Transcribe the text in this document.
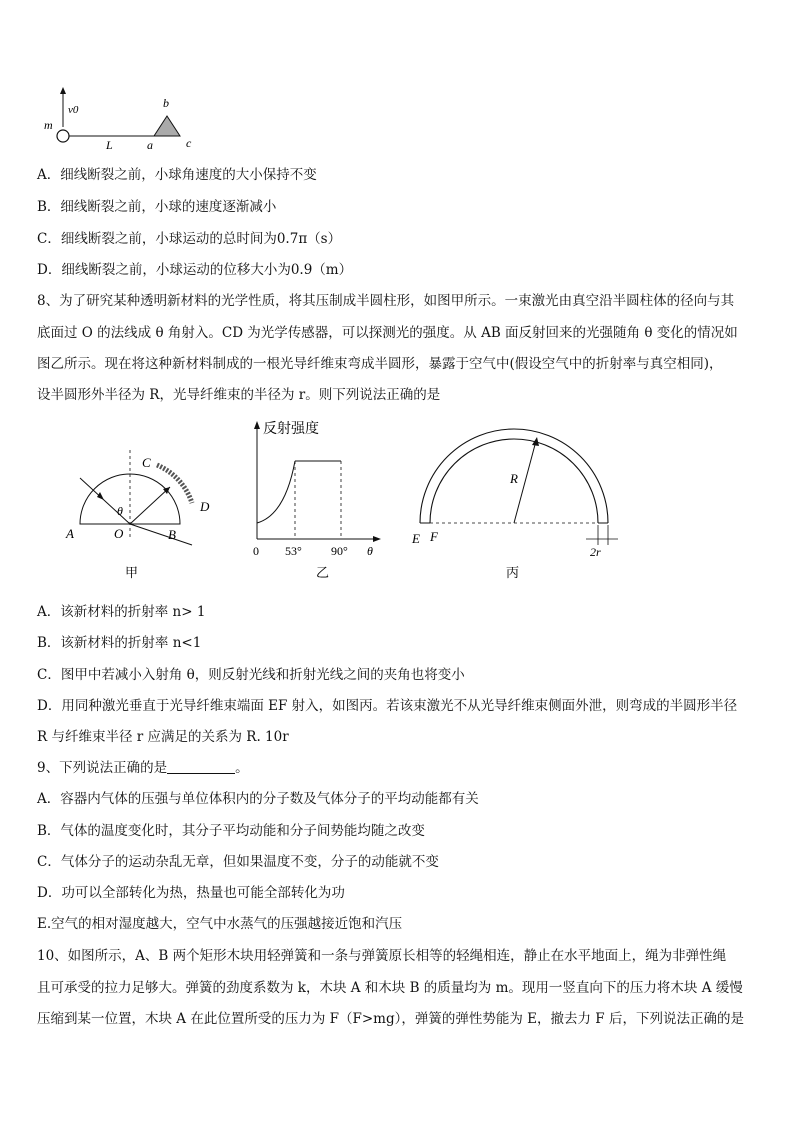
m
v0
L	a
b
c
A．细线断裂之前，小球角速度的大小保持不变
B．细线断裂之前，小球的速度逐渐减小
C．细线断裂之前，小球运动的总时间为0.7π（s）
D．细线断裂之前，小球运动的位移大小为0.9（m）
8、为了研究某种透明新材料的光学性质，将其压制成半圆柱形，如图甲所示。一束激光由真空沿半圆柱体的径向与其
底面过 O 的法线成 θ 角射入。CD 为光学传感器，可以探测光的强度。从 AB 面反射回来的光强随角 θ 变化的情况如
图乙所示。现在将这种新材料制成的一根光导纤维束弯成半圆形，暴露于空气中(假设空气中的折射率与真空相同)，
设半圆形外半径为 R，光导纤维束的半径为 r。则下列说法正确的是
A	O	B
C
D
θ
甲
反射强度
0 53° 90° θ
乙
R
E F
2r
丙
A．该新材料的折射率 n> 1
B．该新材料的折射率 n<1
C．图甲中若减小入射角 θ，则反射光线和折射光线之间的夹角也将变小
D．用同种激光垂直于光导纤维束端面 EF 射入，如图丙。若该束激光不从光导纤维束侧面外泄，则弯成的半圆形半径
R 与纤维束半径 r 应满足的关系为 R. 10r
9、下列说法正确的是	。
A．容器内气体的压强与单位体积内的分子数及气体分子的平均动能都有关
B．气体的温度变化时，其分子平均动能和分子间势能均随之改变
C．气体分子的运动杂乱无章，但如果温度不变，分子的动能就不变
D．功可以全部转化为热，热量也可能全部转化为功
E.空气的相对湿度越大，空气中水蒸气的压强越接近饱和汽压
10、如图所示，A、B 两个矩形木块用轻弹簧和一条与弹簧原长相等的轻绳相连，静止在水平地面上，绳为非弹性绳
且可承受的拉力足够大。弹簧的劲度系数为 k，木块 A 和木块 B 的质量均为 m。现用一竖直向下的压力将木块 A 缓慢
压缩到某一位置，木块 A 在此位置所受的压力为 F（F>mg），弹簧的弹性势能为 E，撤去力 F 后，下列说法正确的是
